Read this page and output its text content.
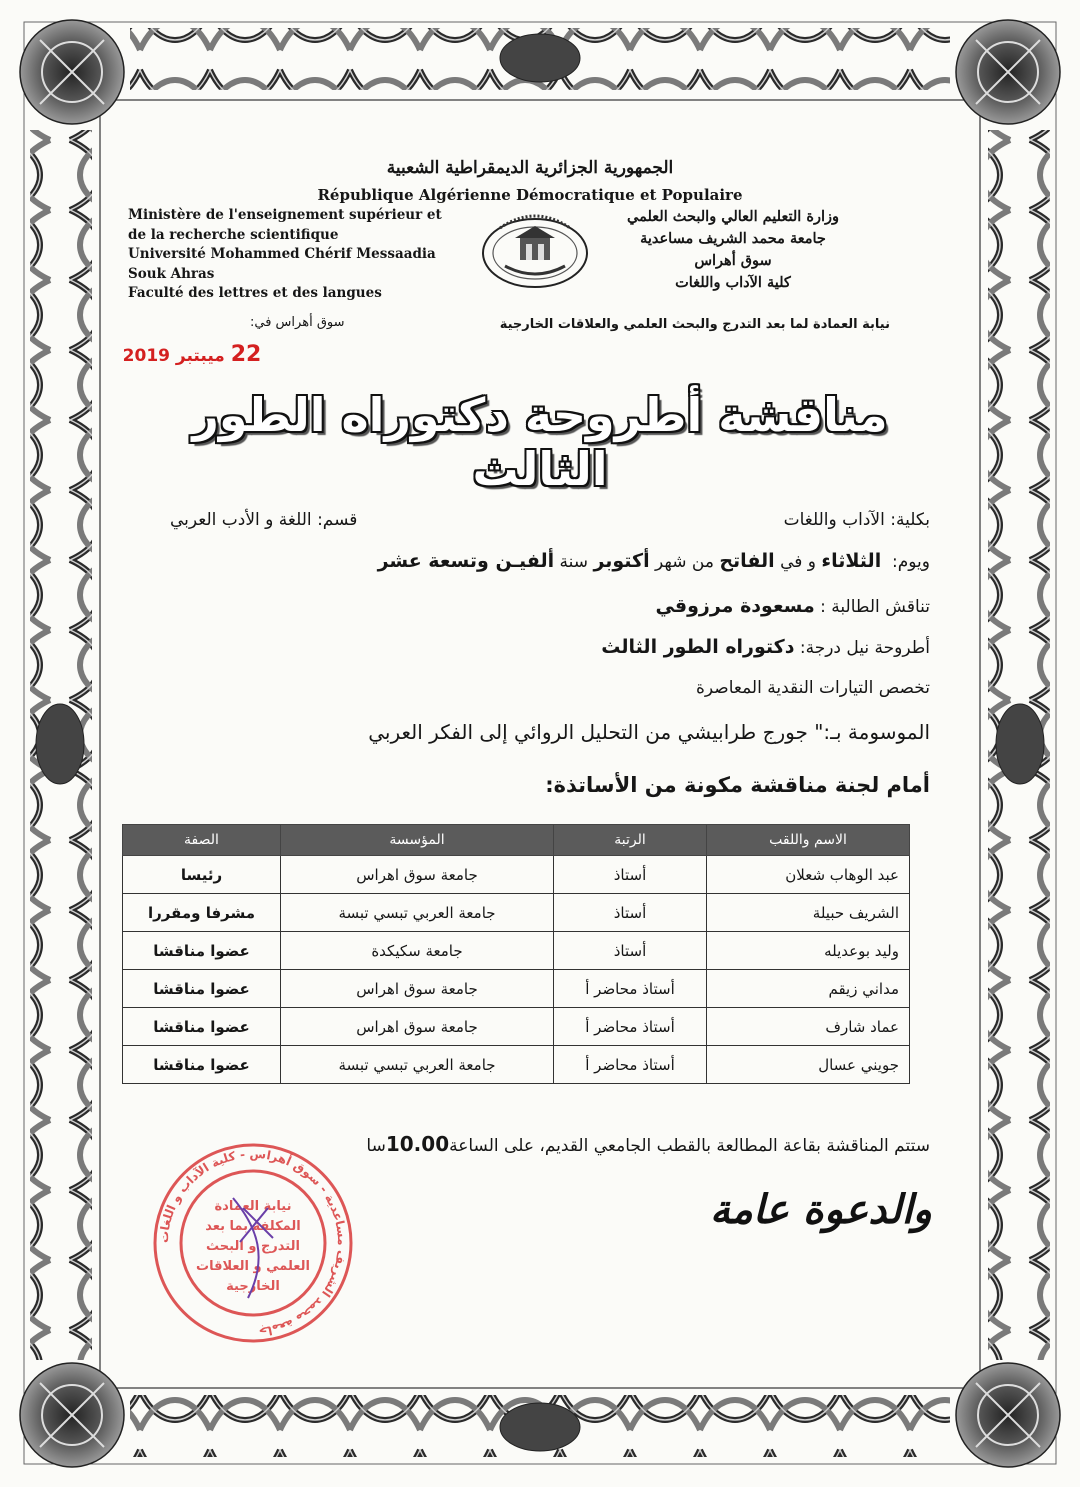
الجمهورية الجزائرية الديمقراطية الشعبية
République Algérienne Démocratique et Populaire
Ministère de l'enseignement supérieur et
de la recherche scientifique
Université Mohammed Chérif Messaadia
Souk Ahras
Faculté des lettres et des langues
وزارة التعليم العالي والبحث العلمي
جامعة محمد الشريف مساعدية
سوق أهراس
كلية الآداب واللغات
نيابة العمادة لما بعد التدرج والبحث العلمي والعلاقات الخارجية
سوق أهراس في:
22 ميبتبر 2019
مناقشة أطروحة دكتوراه الطور الثالث
بكلية: الآداب واللغات
قسم: اللغة و الأدب العربي
ويوم:  الثلاثاء و في الفاتح من شهر أكتوبر سنة ألفيـن وتسعة عشر
تناقش الطالبة : مسعودة مرزوقي
أطروحة نيل درجة: دكتوراه الطور الثالث
تخصص التيارات النقدية المعاصرة
الموسومة بـ:" جورج طرابيشي من التحليل الروائي إلى الفكر العربي
أمام لجنة مناقشة مكونة من الأساتذة:
الاسم واللقب	الرتبة	المؤسسة	الصفة
عبد الوهاب شعلان	أستاذ	جامعة سوق اهراس	رئيسا
الشريف حبيلة	أستاذ	جامعة العربي تبسي تبسة	مشرفا ومقررا
وليد بوعديله	أستاذ	جامعة سكيكدة	عضوا مناقشا
مداني زيقم	أستاذ محاضر أ	جامعة سوق اهراس	عضوا مناقشا
عماد شارف	أستاذ محاضر أ	جامعة سوق اهراس	عضوا مناقشا
جويني عسال	أستاذ محاضر أ	جامعة العربي تبسي تبسة	عضوا مناقشا
ستتم المناقشة بقاعة المطالعة بالقطب الجامعي القديم، على الساعة10.00سا
والدعوة عامة
جامعة محمد الشريف مساعدية - سوق أهراس - كلية الآداب و اللغات
نيابة العمادة
المكلفة بما بعد
التدرج و البحث
العلمي و العلاقات
الخارجية
